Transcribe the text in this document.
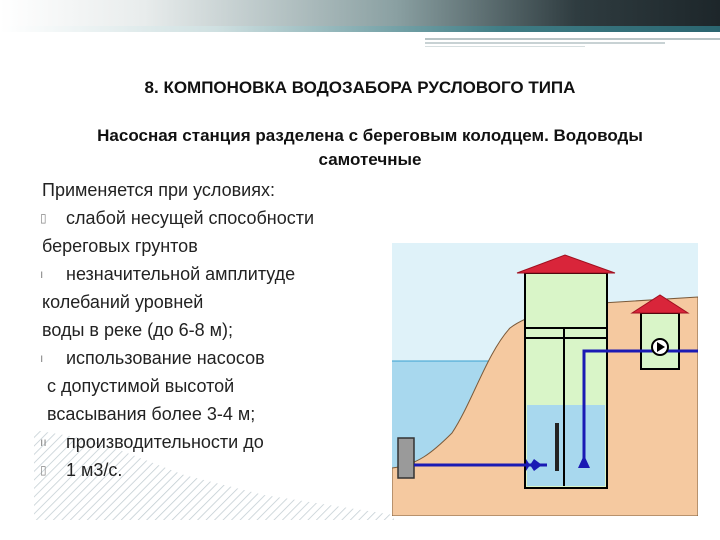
8. КОМПОНОВКА ВОДОЗАБОРА РУСЛОВОГО ТИПА
Насосная станция разделена с береговым колодцем. Водоводы
самотечные
Применяется при условиях:
▯ слабой несущей способности
береговых грунтов
ı незначительной амплитуде
колебаний уровней
воды в реке (до 6-8 м);
ı использование насосов
с допустимой высотой
всасывания более 3-4 м;
ıı производительности до
▯ 1 м3/с.
